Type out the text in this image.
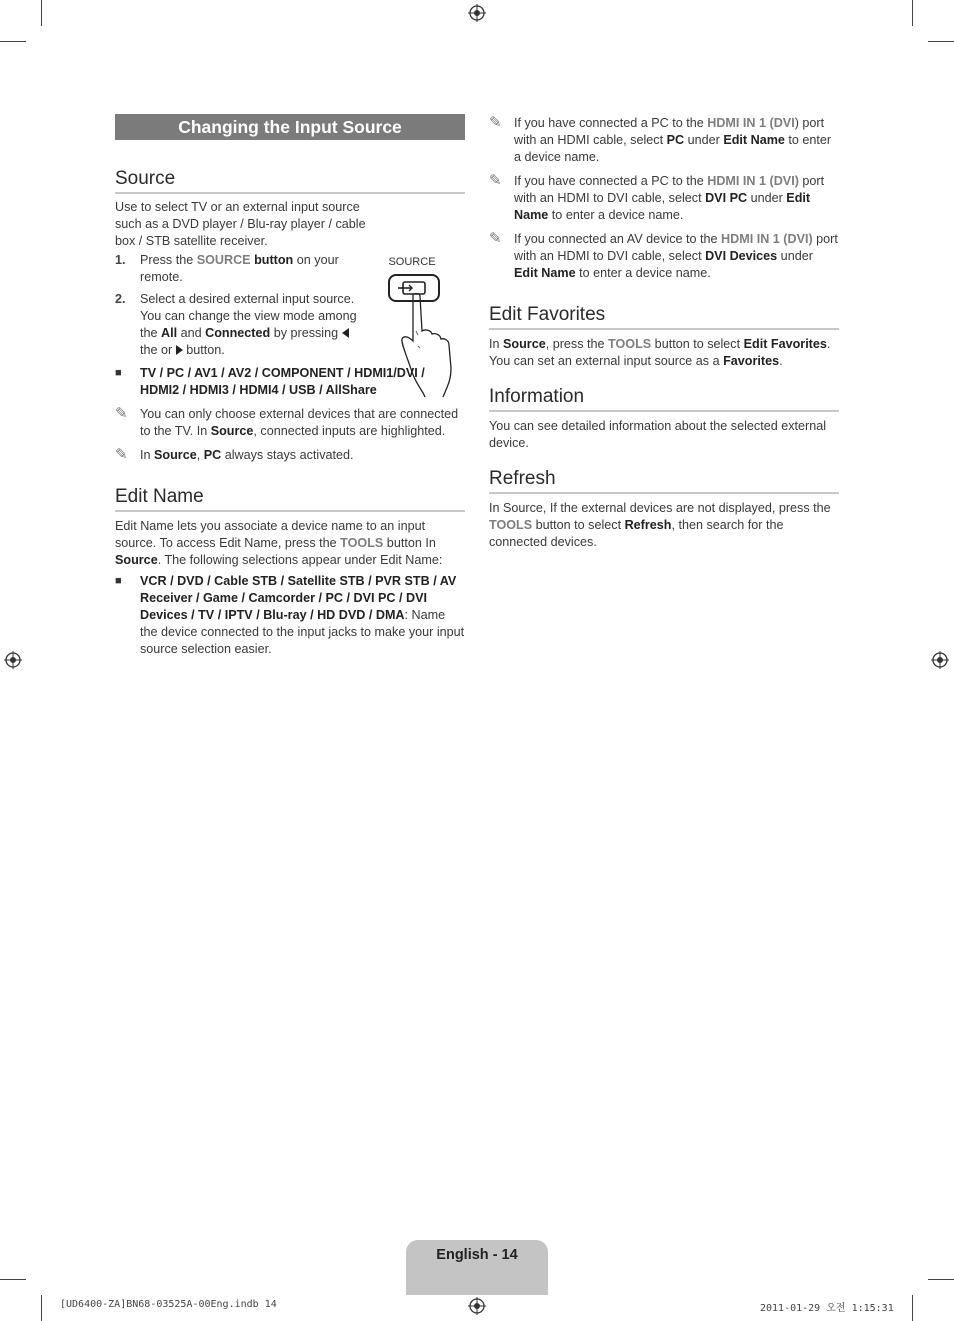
Changing the Input Source
Source
SOURCE

Use to select TV or an external input source such as a DVD player / Blu-ray player / cable box / STB satellite receiver.

1.	Press the SOURCE button on your remote.
2.	Select a desired external input source. You can change the view mode among the All and Connected by pressing
the or  button.
■	TV / PC / AV1 / AV2 / COMPONENT / HDMI1/DVI / HDMI2 / HDMI3 / HDMI4 / USB / AllShare
✎ You can only choose external devices that are connected to the TV. In Source, connected inputs are highlighted.
✎ In Source, PC always stays activated.
Edit Name

Edit Name lets you associate a device name to an input source. To access Edit Name, press the TOOLS button In Source. The following selections appear under Edit Name:

■	VCR / DVD / Cable STB / Satellite STB / PVR STB / AV Receiver / Game / Camcorder / PC / DVI PC / DVI Devices / TV / IPTV / Blu-ray / HD DVD / DMA: Name the device connected to the input jacks to make your input source selection easier.
✎ If you have connected a PC to the HDMI IN 1 (DVI) port with an HDMI cable, select PC under Edit Name to enter a device name.
✎ If you have connected a PC to the HDMI IN 1 (DVI) port with an HDMI to DVI cable, select DVI PC under Edit Name to enter a device name.
✎ If you connected an AV device to the HDMI IN 1 (DVI) port with an HDMI to DVI cable, select DVI Devices under Edit Name to enter a device name.
Edit Favorites

In Source, press the TOOLS button to select Edit Favorites. You can set an external input source as a Favorites.

Information

You can see detailed information about the selected external device.

Refresh

In Source, If the external devices are not displayed, press the TOOLS button to select Refresh, then search for the connected devices.

English - 14
[UD6400-ZA]BN68-03525A-00Eng.indb 14	2011-01-29 오전 1:15:31
